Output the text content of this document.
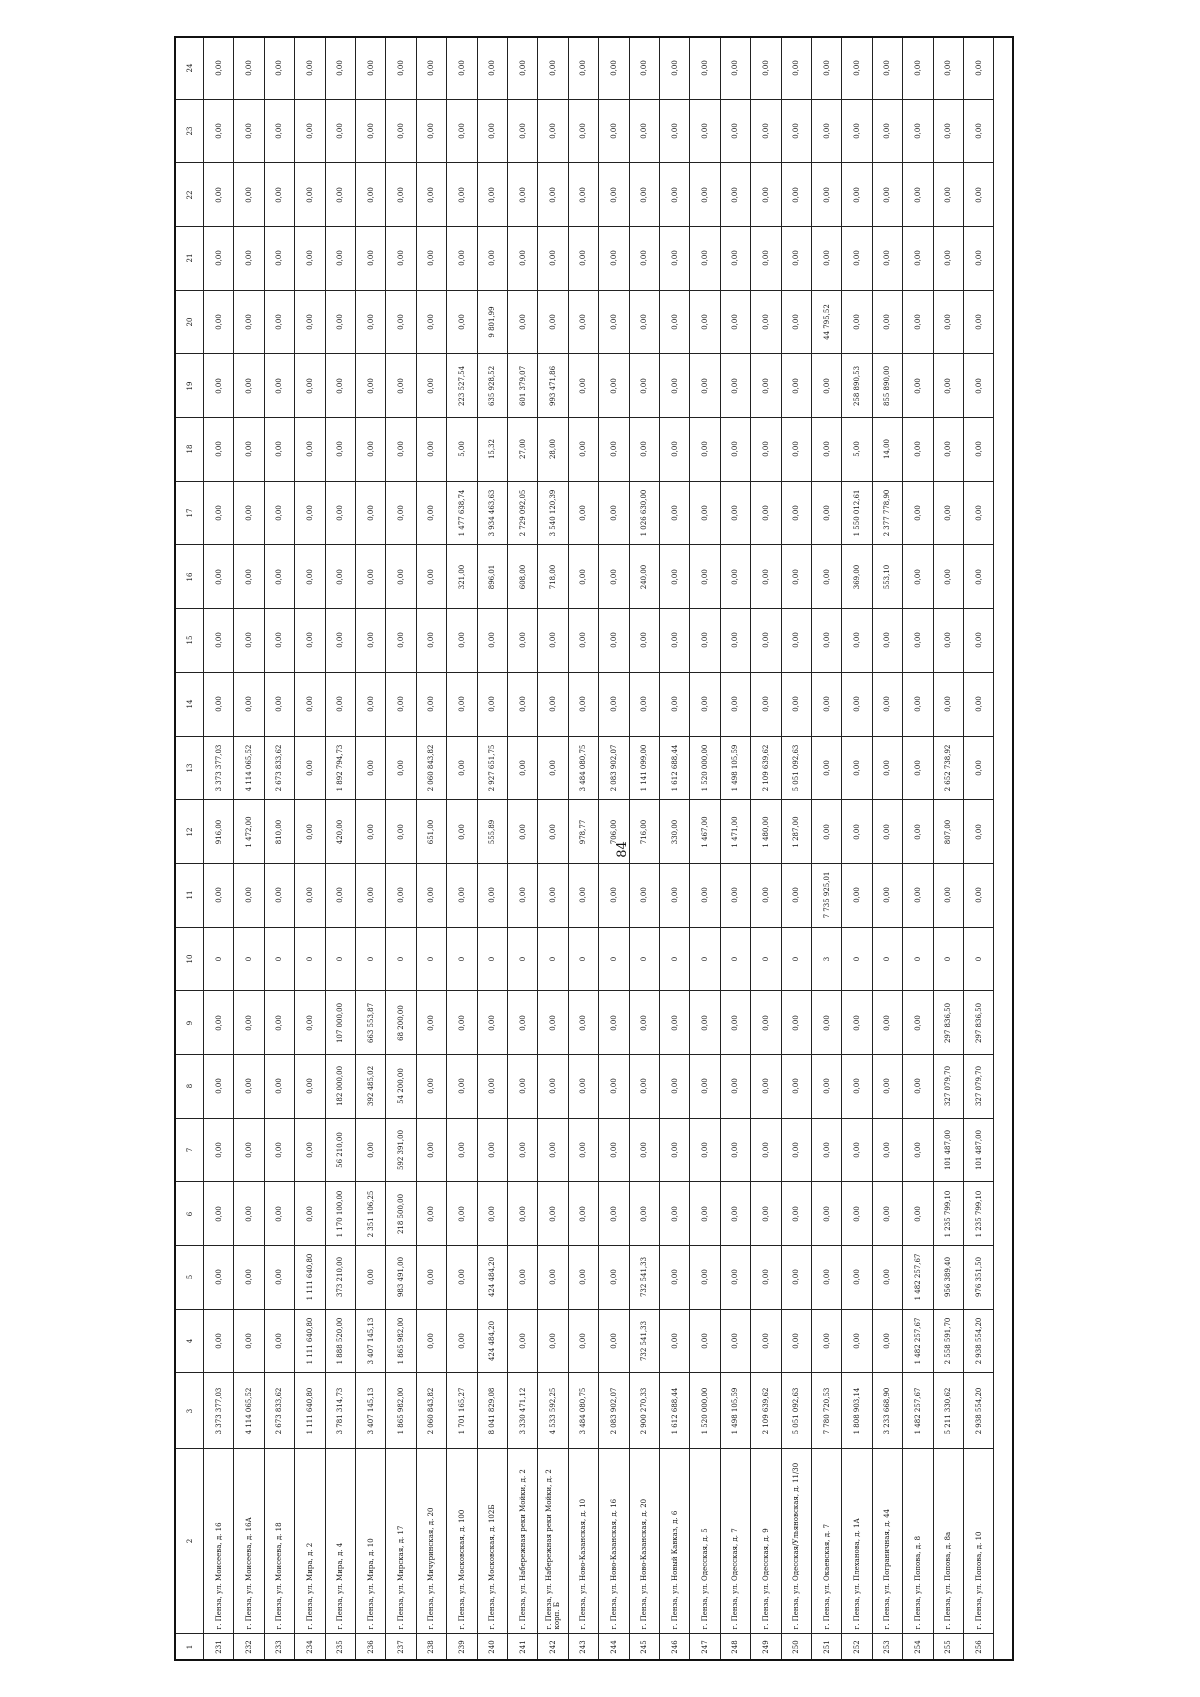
84
24
23
22
21
20
19
18
17
16
15
14
13
12
11
10
9
8
7
6
5
4
3
2
1
0,00
0,00
0,00
0,00
0,00
0,00
0,00
0,00
0,00
0,00
0,00
3 373 377,03
916,00
0,00
0
0,00
0,00
0,00
0,00
0,00
0,00
3 373 377,03
г. Пенза, ул. Моисеева, д. 16
231
0,00
0,00
0,00
0,00
0,00
0,00
0,00
0,00
0,00
0,00
0,00
4 114 065,52
1 472,00
0,00
0
0,00
0,00
0,00
0,00
0,00
0,00
4 114 065,52
г. Пенза, ул. Моисеева, д. 16А
232
0,00
0,00
0,00
0,00
0,00
0,00
0,00
0,00
0,00
0,00
0,00
2 673 833,62
810,00
0,00
0
0,00
0,00
0,00
0,00
0,00
0,00
2 673 833,62
г. Пенза, ул. Моисеева, д. 18
233
0,00
0,00
0,00
0,00
0,00
0,00
0,00
0,00
0,00
0,00
0,00
0,00
0,00
0,00
0
0,00
0,00
0,00
0,00
1 111 640,80
1 111 640,80
1 111 640,80
г. Пенза, ул. Мира, д. 2
234
0,00
0,00
0,00
0,00
0,00
0,00
0,00
0,00
0,00
0,00
0,00
1 892 794,73
420,00
0,00
0
107 000,00
182 000,00
56 210,00
1 170 100,00
373 210,00
1 888 520,00
3 781 314,73
г. Пенза, ул. Мира, д. 4
235
0,00
0,00
0,00
0,00
0,00
0,00
0,00
0,00
0,00
0,00
0,00
0,00
0,00
0,00
0
663 553,87
392 485,02
0,00
2 351 106,25
0,00
3 407 145,13
3 407 145,13
г. Пенза, ул. Мира, д. 10
236
0,00
0,00
0,00
0,00
0,00
0,00
0,00
0,00
0,00
0,00
0,00
0,00
0,00
0,00
0
68 200,00
54 200,00
592 391,00
218 500,00
983 491,00
1 865 982,00
1 865 982,00
г. Пенза, ул. Мирская, д. 17
237
0,00
0,00
0,00
0,00
0,00
0,00
0,00
0,00
0,00
0,00
0,00
2 060 843,82
651,00
0,00
0
0,00
0,00
0,00
0,00
0,00
0,00
2 060 843,82
г. Пенза, ул. Мичуринская, д. 20
238
0,00
0,00
0,00
0,00
0,00
223 527,54
5,00
1 477 638,74
321,00
0,00
0,00
0,00
0,00
0,00
0
0,00
0,00
0,00
0,00
0,00
0,00
1 701 165,27
г. Пенза, ул. Московская, д. 100
239
0,00
0,00
0,00
0,00
9 801,99
635 928,52
15,32
3 934 463,63
896,01
0,00
0,00
2 927 651,75
555,89
0,00
0
0,00
0,00
0,00
0,00
424 484,20
424 484,20
8 041 829,08
г. Пенза, ул. Московская, д. 102Б
240
0,00
0,00
0,00
0,00
0,00
601 379,07
27,00
2 729 092,05
608,00
0,00
0,00
0,00
0,00
0,00
0
0,00
0,00
0,00
0,00
0,00
0,00
3 330 471,12
г. Пенза, ул. Набережная реки Мойки, д. 2
241
0,00
0,00
0,00
0,00
0,00
993 471,86
28,00
3 540 120,39
718,00
0,00
0,00
0,00
0,00
0,00
0
0,00
0,00
0,00
0,00
0,00
0,00
4 533 592,25
г. Пенза, ул. Набережная реки Мойки, д. 2 корп. Б
242
0,00
0,00
0,00
0,00
0,00
0,00
0,00
0,00
0,00
0,00
0,00
3 484 080,75
978,77
0,00
0
0,00
0,00
0,00
0,00
0,00
0,00
3 484 080,75
г. Пенза, ул. Ново-Казанская, д. 10
243
0,00
0,00
0,00
0,00
0,00
0,00
0,00
0,00
0,00
0,00
0,00
2 083 902,07
706,00
0,00
0
0,00
0,00
0,00
0,00
0,00
0,00
2 083 902,07
г. Пенза, ул. Ново-Казанская, д. 16
244
0,00
0,00
0,00
0,00
0,00
0,00
0,00
1 026 630,00
240,00
0,00
0,00
1 141 099,00
716,00
0,00
0
0,00
0,00
0,00
0,00
732 541,33
732 541,33
2 900 270,33
г. Пенза, ул. Ново-Казанская, д. 20
245
0,00
0,00
0,00
0,00
0,00
0,00
0,00
0,00
0,00
0,00
0,00
1 612 688,44
330,00
0,00
0
0,00
0,00
0,00
0,00
0,00
0,00
1 612 688,44
г. Пенза, ул. Новый Кавказ, д. 6
246
0,00
0,00
0,00
0,00
0,00
0,00
0,00
0,00
0,00
0,00
0,00
1 520 000,00
1 467,00
0,00
0
0,00
0,00
0,00
0,00
0,00
0,00
1 520 000,00
г. Пенза, ул. Одесская, д. 5
247
0,00
0,00
0,00
0,00
0,00
0,00
0,00
0,00
0,00
0,00
0,00
1 498 105,59
1 471,00
0,00
0
0,00
0,00
0,00
0,00
0,00
0,00
1 498 105,59
г. Пенза, ул. Одесская, д. 7
248
0,00
0,00
0,00
0,00
0,00
0,00
0,00
0,00
0,00
0,00
0,00
2 109 639,62
1 480,00
0,00
0
0,00
0,00
0,00
0,00
0,00
0,00
2 109 639,62
г. Пенза, ул. Одесская, д. 9
249
0,00
0,00
0,00
0,00
0,00
0,00
0,00
0,00
0,00
0,00
0,00
5 051 092,63
1 287,00
0,00
0
0,00
0,00
0,00
0,00
0,00
0,00
5 051 092,63
г. Пенза, ул. Одесская/Ульяновская, д. 11/30
250
0,00
0,00
0,00
0,00
44 795,52
0,00
0,00
0,00
0,00
0,00
0,00
0,00
0,00
7 735 925,01
3
0,00
0,00
0,00
0,00
0,00
0,00
7 780 720,53
г. Пенза, ул. Окаевская, д. 7
251
0,00
0,00
0,00
0,00
0,00
258 890,53
5,00
1 550 012,61
369,00
0,00
0,00
0,00
0,00
0,00
0
0,00
0,00
0,00
0,00
0,00
0,00
1 808 903,14
г. Пенза, ул. Плеханова, д. 1А
252
0,00
0,00
0,00
0,00
0,00
855 890,00
14,00
2 377 778,90
553,10
0,00
0,00
0,00
0,00
0,00
0
0,00
0,00
0,00
0,00
0,00
0,00
3 233 668,90
г. Пенза, ул. Пограничная, д. 44
253
0,00
0,00
0,00
0,00
0,00
0,00
0,00
0,00
0,00
0,00
0,00
0,00
0,00
0,00
0
0,00
0,00
0,00
0,00
1 482 257,67
1 482 257,67
1 482 257,67
г. Пенза, ул. Попова, д. 8
254
0,00
0,00
0,00
0,00
0,00
0,00
0,00
0,00
0,00
0,00
0,00
2 652 738,92
807,00
0,00
0
297 836,50
327 079,70
101 487,00
1 235 799,10
956 389,40
2 558 591,70
5 211 330,62
г. Пенза, ул. Попова, д. 8а
255
0,00
0,00
0,00
0,00
0,00
0,00
0,00
0,00
0,00
0,00
0,00
0,00
0,00
0,00
0
297 836,50
327 079,70
101 487,00
1 235 799,10
976 351,50
2 938 554,20
2 938 554,20
г. Пенза, ул. Попова, д. 10
256
